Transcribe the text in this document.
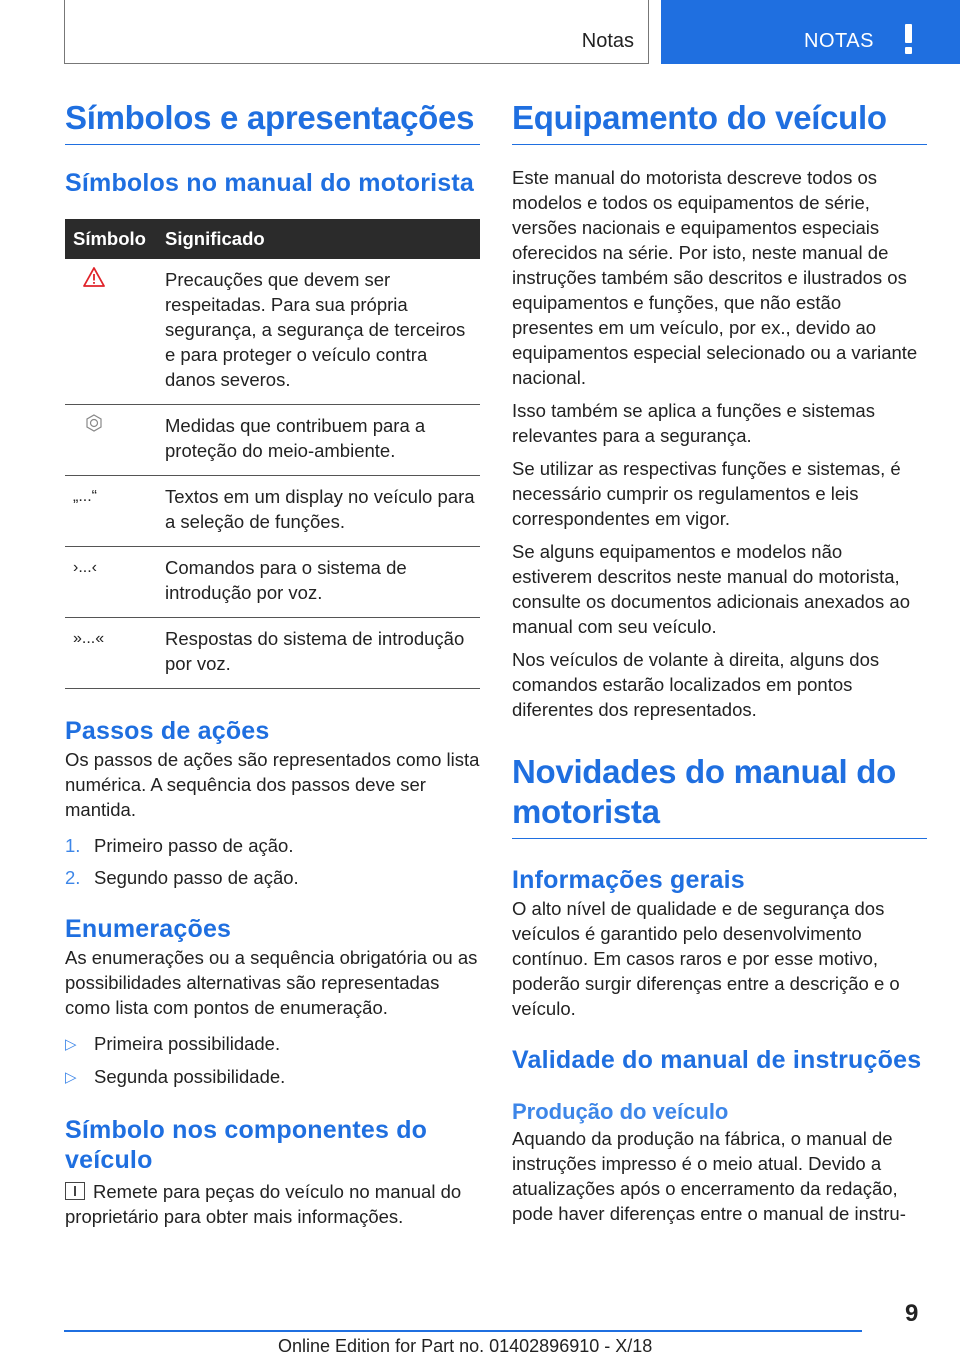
Notas	NOTAS
Símbolos e apresentações
Símbolos no manual do motorista
Símbolo	Significado
	Precauções que devem ser respeitadas. Para sua própria segurança, a segurança de terceiros e para proteger o veículo contra danos severos.
	Medidas que contribuem para a proteção do meio-ambiente.
„...“	Textos em um display no veículo para a seleção de funções.
›...‹	Comandos para o sistema de introdução por voz.
»...«	Respostas do sistema de introdução por voz.
Passos de ações
Os passos de ações são representados como lista numérica. A sequência dos passos deve ser mantida.
1. Primeiro passo de ação.
2. Segundo passo de ação.
Enumerações
As enumerações ou a sequência obrigatória ou as possibilidades alternativas são representadas como lista com pontos de enumeração.
▷ Primeira possibilidade.
▷ Segunda possibilidade.
Símbolo nos componentes do veículo
Remete para peças do veículo no manual do proprietário para obter mais informações.
Equipamento do veículo
Este manual do motorista descreve todos os modelos e todos os equipamentos de série, versões nacionais e equipamentos especiais oferecidos na série. Por isto, neste manual de instruções também são descritos e ilustrados os equipamentos e funções, que não estão presentes em um veículo, por ex., devido ao equipamentos especial selecionado ou a variante nacional.
Isso também se aplica a funções e sistemas relevantes para a segurança.
Se utilizar as respectivas funções e sistemas, é necessário cumprir os regulamentos e leis correspondentes em vigor.
Se alguns equipamentos e modelos não estiverem descritos neste manual do motorista, consulte os documentos adicionais anexados ao manual com seu veículo.
Nos veículos de volante à direita, alguns dos comandos estarão localizados em pontos diferentes dos representados.
Novidades do manual do motorista
Informações gerais
O alto nível de qualidade e de segurança dos veículos é garantido pelo desenvolvimento contínuo. Em casos raros e por esse motivo, poderão surgir diferenças entre a descrição e o veículo.
Validade do manual de instruções
Produção do veículo
Aquando da produção na fábrica, o manual de instruções impresso é o meio atual. Devido a atualizações após o encerramento da redação, pode haver diferenças entre o manual de instru-
9
Online Edition for Part no. 01402896910 - X/18
